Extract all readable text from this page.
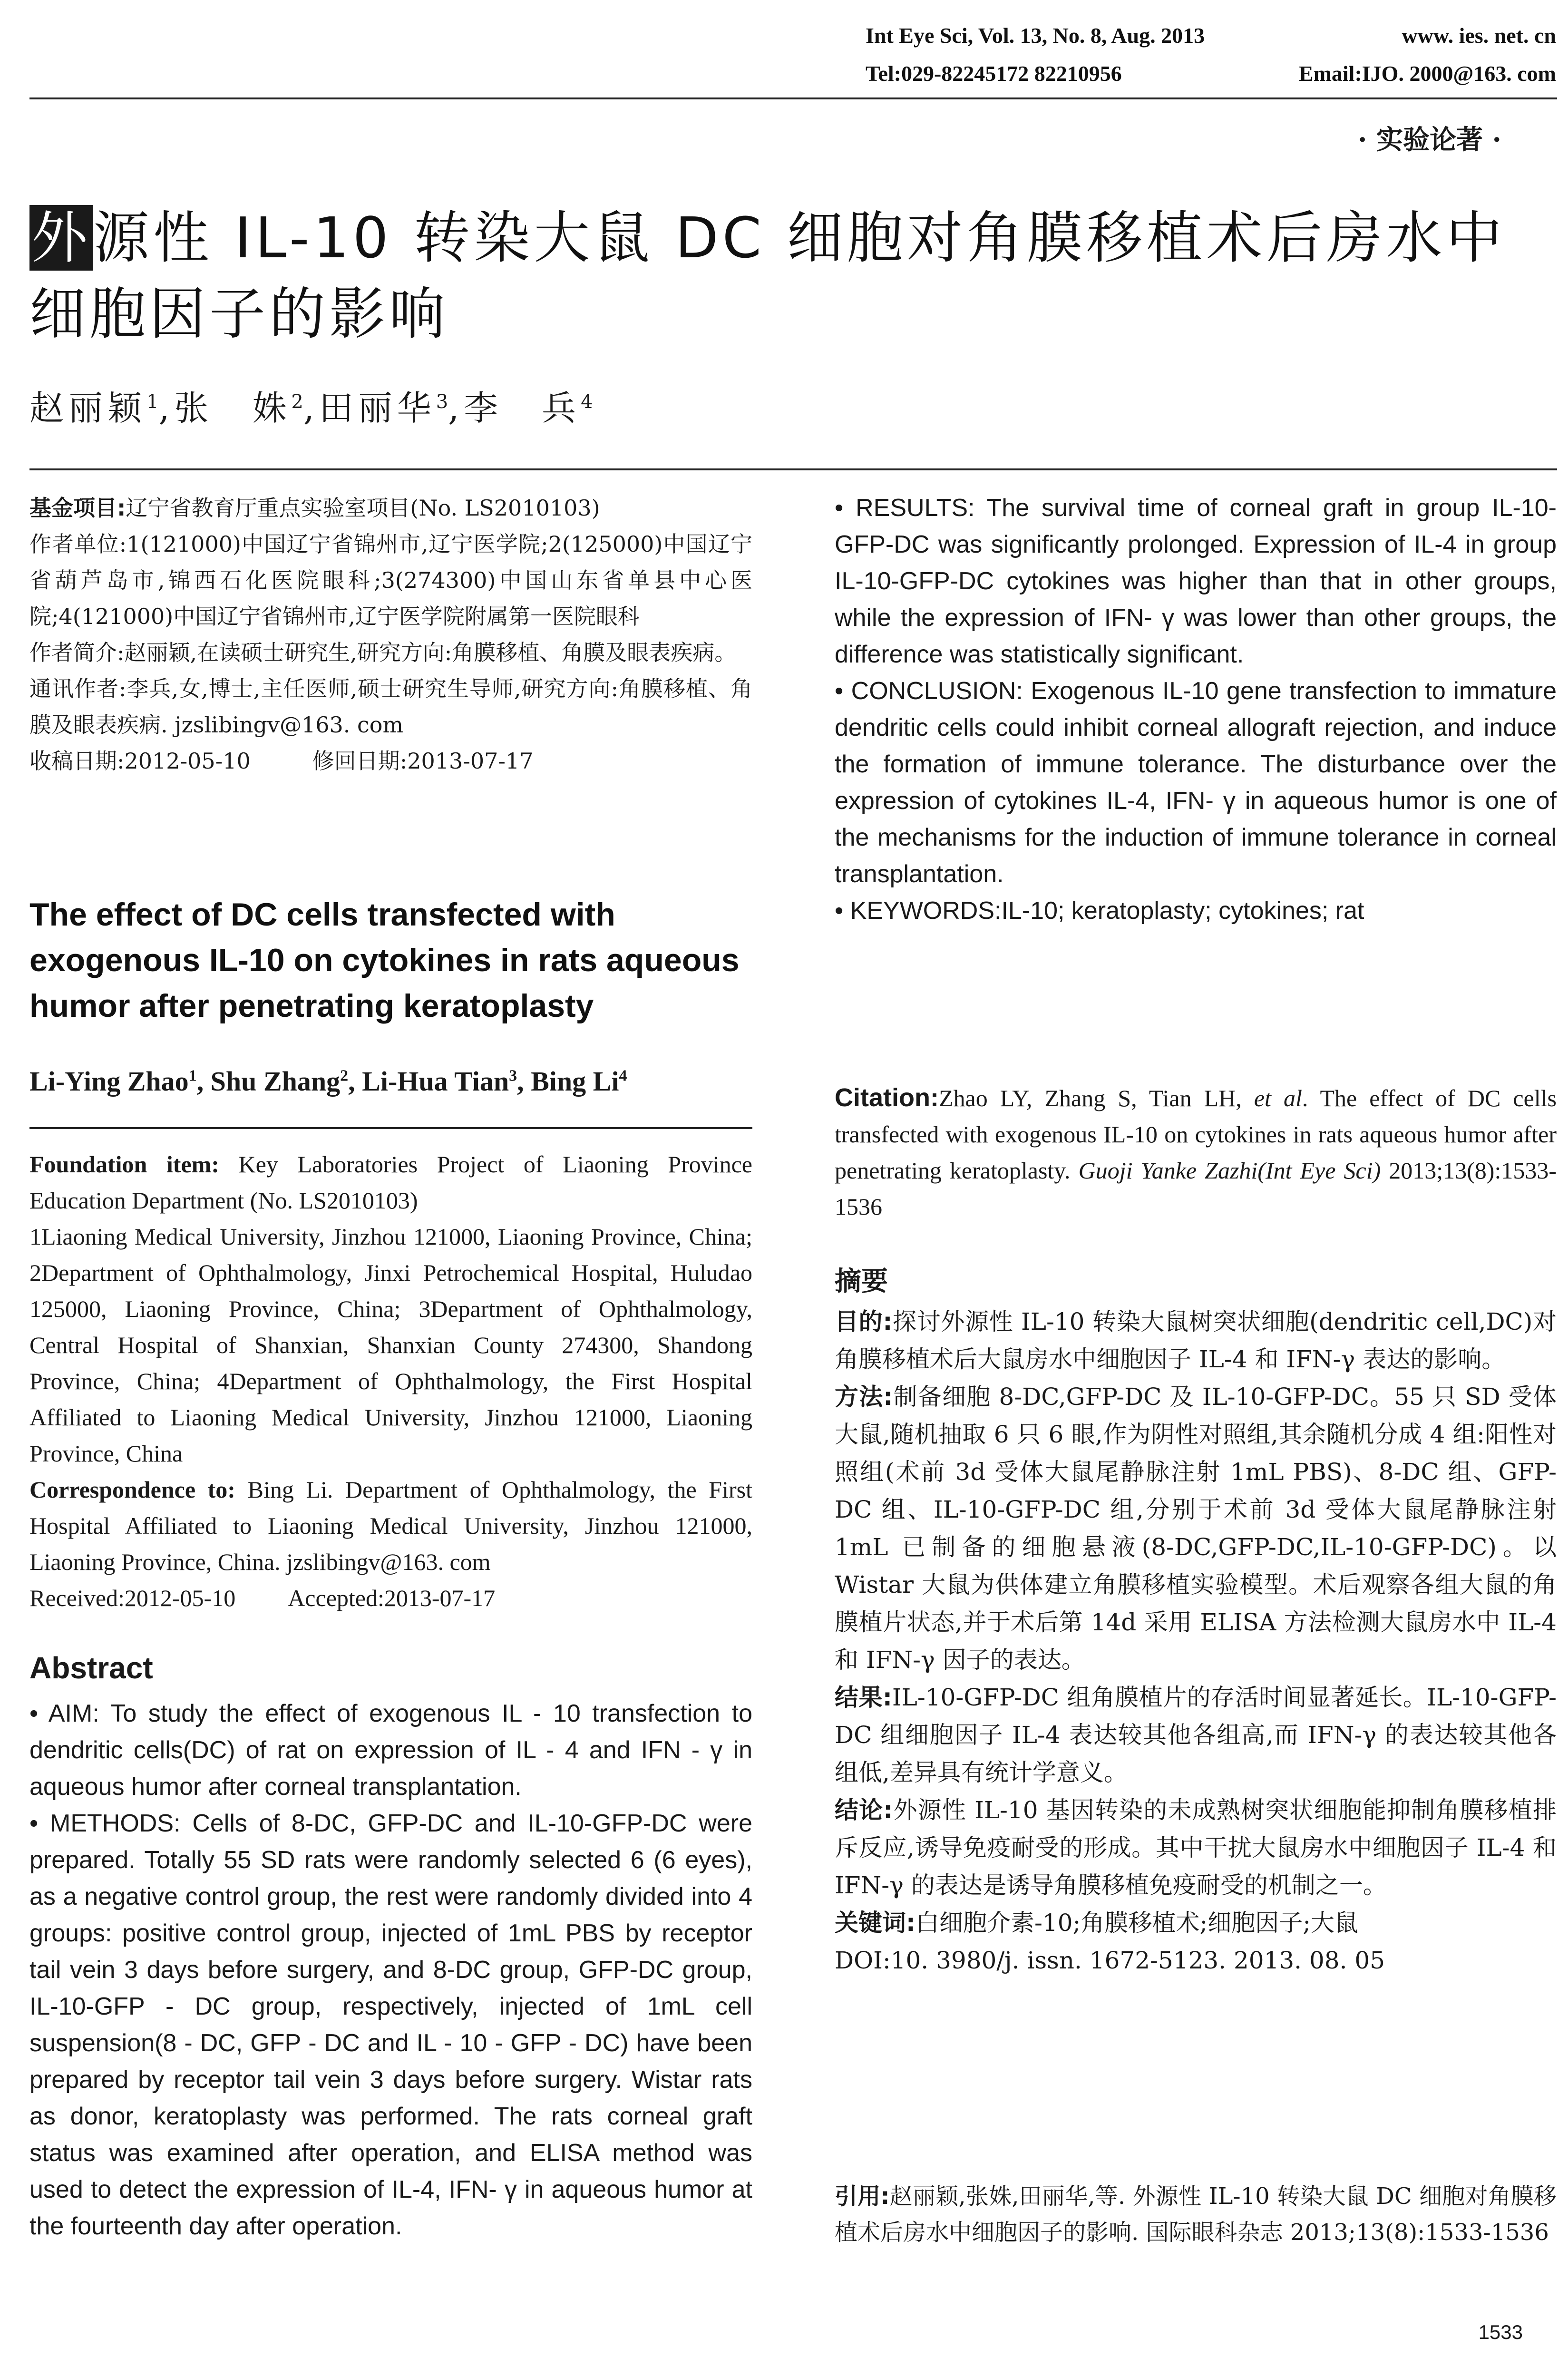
Int Eye Sci, Vol. 13, No. 8, Aug. 2013	www. ies. net. cn
Tel:029-82245172 82210956	Email:IJO. 2000@163. com
· 实验论著 ·
外源性 IL-10 转染大鼠 DC 细胞对角膜移植术后房水中细胞因子的影响
赵丽颖$^1$,张　姝$^2$,田丽华$^3$,李　兵$^4$

基金项目:辽宁省教育厅重点实验室项目(No. LS2010103)

作者单位:1(121000)中国辽宁省锦州市,辽宁医学院;2(125000)中国辽宁省葫芦岛市,锦西石化医院眼科;3(274300)中国山东省单县中心医院;4(121000)中国辽宁省锦州市,辽宁医学院附属第一医院眼科

作者简介:赵丽颖,在读硕士研究生,研究方向:角膜移植、角膜及眼表疾病。

通讯作者:李兵,女,博士,主任医师,硕士研究生导师,研究方向:角膜移植、角膜及眼表疾病. jzslibingv@163. com

收稿日期:2012-05-10	修回日期:2013-07-17

The effect of DC cells transfected with exogenous IL-10 on cytokines in rats aqueous humor after penetrating keratoplasty
Li-Ying Zhao$^1$, Shu Zhang$^2$, Li-Hua Tian$^3$, Bing Li$^4$

Foundation item: Key Laboratories Project of Liaoning Province Education Department (No. LS2010103)

1Liaoning Medical University, Jinzhou 121000, Liaoning Province, China; 2Department of Ophthalmology, Jinxi Petrochemical Hospital, Huludao 125000, Liaoning Province, China; 3Department of Ophthalmology, Central Hospital of Shanxian, Shanxian County 274300, Shandong Province, China; 4Department of Ophthalmology, the First Hospital Affiliated to Liaoning Medical University, Jinzhou 121000, Liaoning Province, China

Correspondence to: Bing Li. Department of Ophthalmology, the First Hospital Affiliated to Liaoning Medical University, Jinzhou 121000, Liaoning Province, China. jzslibingv@163. com

Received:2012-05-10 Accepted:2013-07-17

Abstract

• AIM: To study the effect of exogenous IL - 10 transfection to dendritic cells(DC) of rat on expression of IL - 4 and IFN - γ in aqueous humor after corneal transplantation.

• METHODS: Cells of 8-DC, GFP-DC and IL-10-GFP-DC were prepared. Totally 55 SD rats were randomly selected 6 (6 eyes), as a negative control group, the rest were randomly divided into 4 groups: positive control group, injected of 1mL PBS by receptor tail vein 3 days before surgery, and 8-DC group, GFP-DC group, IL-10-GFP - DC group, respectively, injected of 1mL cell suspension(8 - DC, GFP - DC and IL - 10 - GFP - DC) have been prepared by receptor tail vein 3 days before surgery. Wistar rats as donor, keratoplasty was performed. The rats corneal graft status was examined after operation, and ELISA method was used to detect the expression of IL-4, IFN- γ in aqueous humor at the fourteenth day after operation.

• RESULTS: The survival time of corneal graft in group IL-10-GFP-DC was significantly prolonged. Expression of IL-4 in group IL-10-GFP-DC cytokines was higher than that in other groups, while the expression of IFN- γ was lower than other groups, the difference was statistically significant.

• CONCLUSION: Exogenous IL-10 gene transfection to immature dendritic cells could inhibit corneal allograft rejection, and induce the formation of immune tolerance. The disturbance over the expression of cytokines IL-4, IFN- γ in aqueous humor is one of the mechanisms for the induction of immune tolerance in corneal transplantation.

• KEYWORDS:IL-10; keratoplasty; cytokines; rat

Citation:Zhao LY, Zhang S, Tian LH, et al. The effect of DC cells transfected with exogenous IL-10 on cytokines in rats aqueous humor after penetrating keratoplasty. Guoji Yanke Zazhi(Int Eye Sci) 2013;13(8):1533-1536
摘要

目的:探讨外源性 IL-10 转染大鼠树突状细胞(dendritic cell,DC)对角膜移植术后大鼠房水中细胞因子 IL-4 和 IFN-γ 表达的影响。

方法:制备细胞 8-DC,GFP-DC 及 IL-10-GFP-DC。55 只 SD 受体大鼠,随机抽取 6 只 6 眼,作为阴性对照组,其余随机分成 4 组:阳性对照组(术前 3d 受体大鼠尾静脉注射 1mL PBS)、8-DC 组、GFP-DC 组、IL-10-GFP-DC 组,分别于术前 3d 受体大鼠尾静脉注射 1mL 已制备的细胞悬液(8-DC,GFP-DC,IL-10-GFP-DC)。以 Wistar 大鼠为供体建立角膜移植实验模型。术后观察各组大鼠的角膜植片状态,并于术后第 14d 采用 ELISA 方法检测大鼠房水中 IL-4 和 IFN-γ 因子的表达。

结果:IL-10-GFP-DC 组角膜植片的存活时间显著延长。IL-10-GFP-DC 组细胞因子 IL-4 表达较其他各组高,而 IFN-γ 的表达较其他各组低,差异具有统计学意义。

结论:外源性 IL-10 基因转染的未成熟树突状细胞能抑制角膜移植排斥反应,诱导免疫耐受的形成。其中干扰大鼠房水中细胞因子 IL-4 和 IFN-γ 的表达是诱导角膜移植免疫耐受的机制之一。

关键词:白细胞介素-10;角膜移植术;细胞因子;大鼠

DOI:10. 3980/j. issn. 1672-5123. 2013. 08. 05

引用:赵丽颖,张姝,田丽华,等. 外源性 IL-10 转染大鼠 DC 细胞对角膜移植术后房水中细胞因子的影响. 国际眼科杂志 2013;13(8):1533-1536
1533
